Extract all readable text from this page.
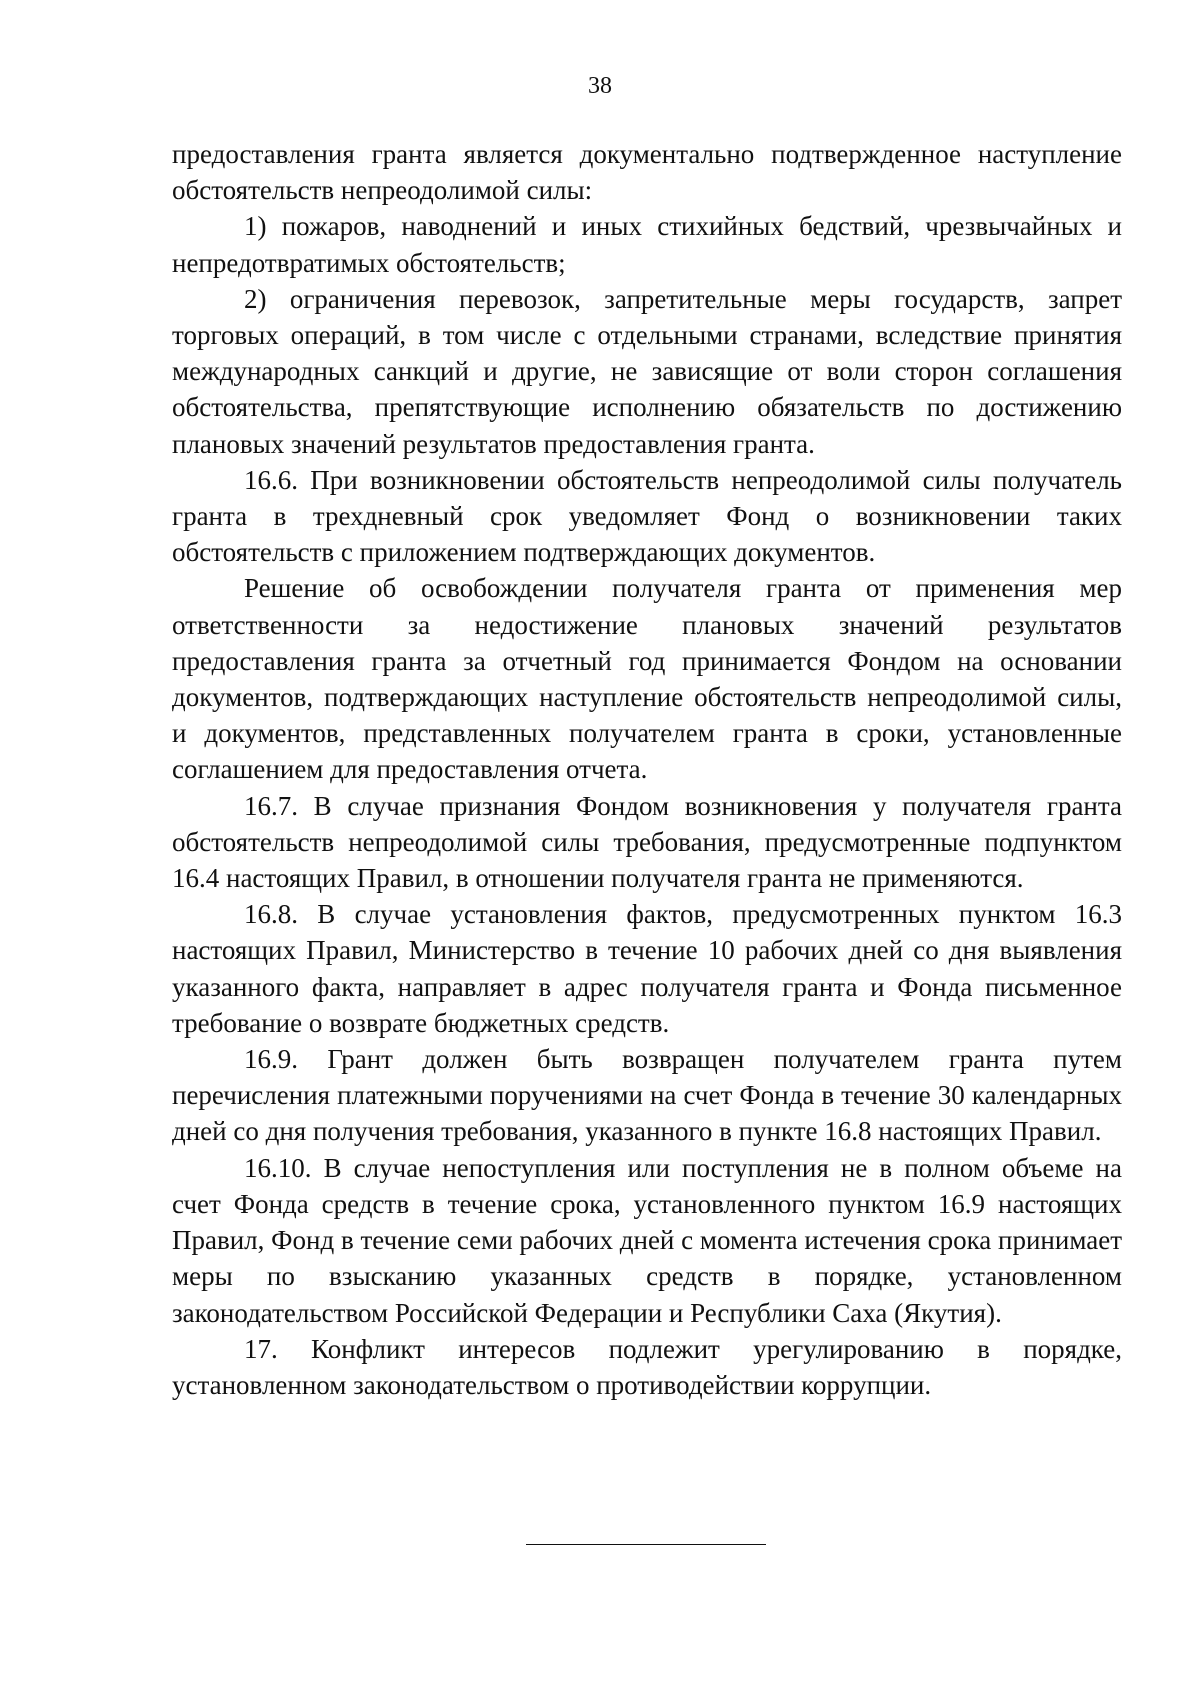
38

предоставления гранта является документально подтвержденное наступление обстоятельств непреодолимой силы:

1) пожаров, наводнений и иных стихийных бедствий, чрезвычайных и непредотвратимых обстоятельств;

2) ограничения перевозок, запретительные меры государств, запрет торговых операций, в том числе с отдельными странами, вследствие принятия международных санкций и другие, не зависящие от воли сторон соглашения обстоятельства, препятствующие исполнению обязательств по достижению плановых значений результатов предоставления гранта.

16.6. При возникновении обстоятельств непреодолимой силы получатель гранта в трехдневный срок уведомляет Фонд о возникновении таких обстоятельств с приложением подтверждающих документов.

Решение об освобождении получателя гранта от применения мер ответственности за недостижение плановых значений результатов предоставления гранта за отчетный год принимается Фондом на основании документов, подтверждающих наступление обстоятельств непреодолимой силы, и документов, представленных получателем гранта в сроки, установленные соглашением для предоставления отчета.

16.7. В случае признания Фондом возникновения у получателя гранта обстоятельств непреодолимой силы требования, предусмотренные подпунктом 16.4 настоящих Правил, в отношении получателя гранта не применяются.

16.8. В случае установления фактов, предусмотренных пунктом 16.3 настоящих Правил, Министерство в течение 10 рабочих дней со дня выявления указанного факта, направляет в адрес получателя гранта и Фонда письменное требование о возврате бюджетных средств.

16.9. Грант должен быть возвращен получателем гранта путем перечисления платежными поручениями на счет Фонда в течение 30 календарных дней со дня получения требования, указанного в пункте 16.8 настоящих Правил.

16.10. В случае непоступления или поступления не в полном объеме на счет Фонда средств в течение срока, установленного пунктом 16.9 настоящих Правил, Фонд в течение семи рабочих дней с момента истечения срока принимает меры по взысканию указанных средств в порядке, установленном законодательством Российской Федерации и Республики Саха (Якутия).

17. Конфликт интересов подлежит урегулированию в порядке, установленном законодательством о противодействии коррупции.
